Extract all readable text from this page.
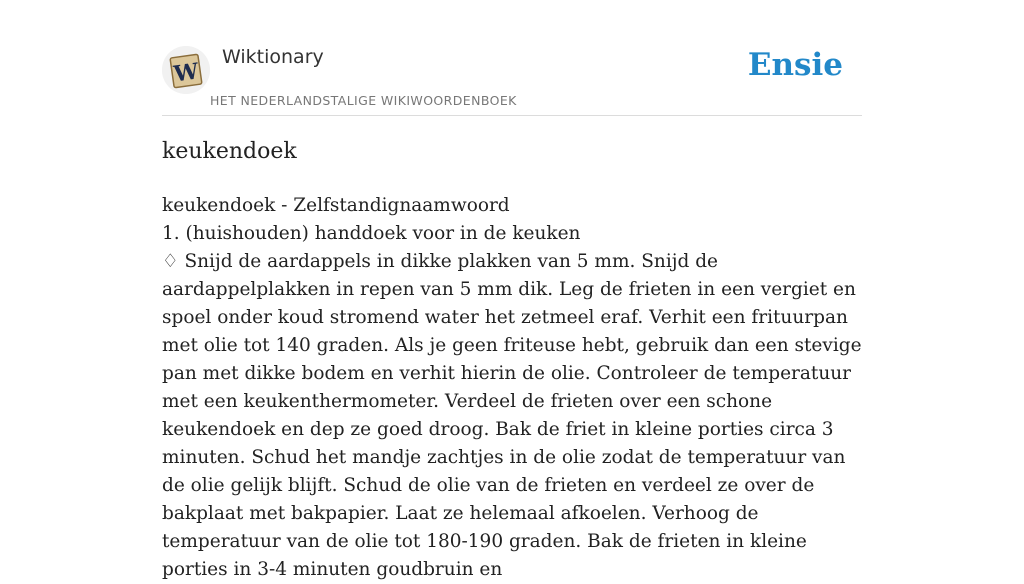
W
Wiktionary
HET NEDERLANDSTALIGE WIKIWOORDENBOEK
Ensie
keukendoek

keukendoek - Zelfstandignaamwoord

1. (huishouden) handdoek voor in de keuken

♢ Snijd de aardappels in dikke plakken van 5 mm. Snijd de aardappelplakken in repen van 5 mm dik. Leg de frieten in een vergiet en spoel onder koud stromend water het zetmeel eraf. Verhit een frituurpan met olie tot 140 graden. Als je geen friteuse hebt, gebruik dan een stevige pan met dikke bodem en verhit hierin de olie. Controleer de temperatuur met een keukenthermometer. Verdeel de frieten over een schone keukendoek en dep ze goed droog. Bak de friet in kleine porties circa 3 minuten. Schud het mandje zachtjes in de olie zodat de temperatuur van de olie gelijk blijft. Schud de olie van de frieten en verdeel ze over de bakplaat met bakpapier. Laat ze helemaal afkoelen. Verhoog de temperatuur van de olie tot 180-190 graden. Bak de frieten in kleine porties in 3-4 minuten goudbruin en
